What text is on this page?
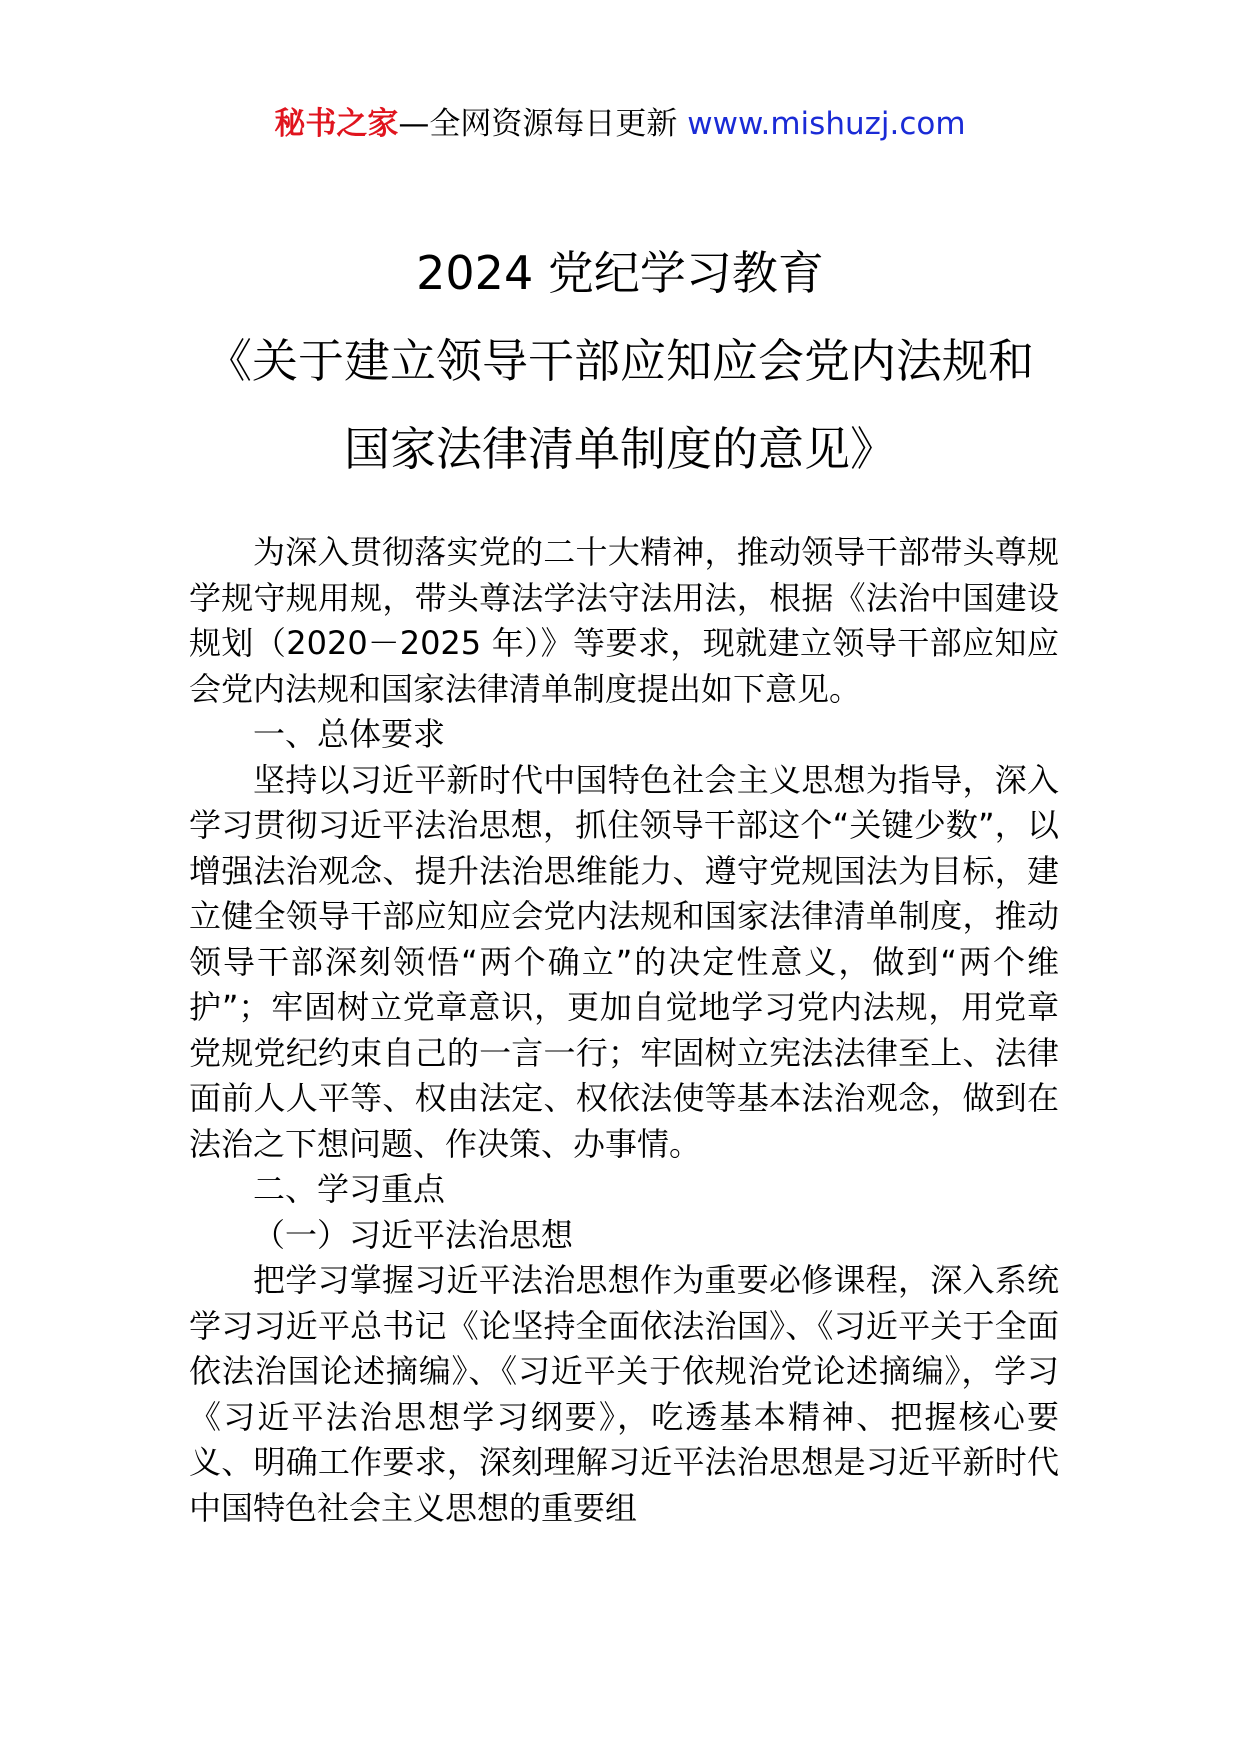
秘书之家—全网资源每日更新 www.mishuzj.com
2024 党纪学习教育
《关于建立领导干部应知应会党内法规和
国家法律清单制度的意见》

为深入贯彻落实党的二十大精神，推动领导干部带头尊规学规守规用规，带头尊法学法守法用法，根据《法治中国建设规划（2020－2025 年）》等要求，现就建立领导干部应知应会党内法规和国家法律清单制度提出如下意见。

一、总体要求

坚持以习近平新时代中国特色社会主义思想为指导，深入学习贯彻习近平法治思想，抓住领导干部这个“关键少数”，以增强法治观念、提升法治思维能力、遵守党规国法为目标，建立健全领导干部应知应会党内法规和国家法律清单制度，推动领导干部深刻领悟“两个确立”的决定性意义，做到“两个维护”；牢固树立党章意识，更加自觉地学习党内法规，用党章党规党纪约束自己的一言一行；牢固树立宪法法律至上、法律面前人人平等、权由法定、权依法使等基本法治观念，做到在法治之下想问题、作决策、办事情。

二、学习重点

（一）习近平法治思想

把学习掌握习近平法治思想作为重要必修课程，深入系统学习习近平总书记《论坚持全面依法治国》、《习近平关于全面依法治国论述摘编》、《习近平关于依规治党论述摘编》，学习《习近平法治思想学习纲要》，吃透基本精神、把握核心要义、明确工作要求，深刻理解习近平法治思想是习近平新时代中国特色社会主义思想的重要组
